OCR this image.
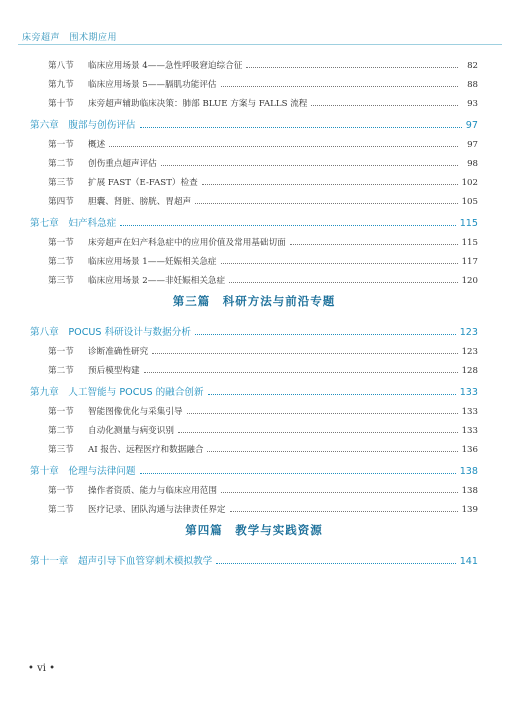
床旁超声　围术期应用
第八节	临床应用场景 4——急性呼吸窘迫综合征	82
第九节	临床应用场景 5——膈肌功能评估	88
第十节	床旁超声辅助临床决策：肺部 BLUE 方案与 FALLS 流程	93
第六章　腹部与创伤评估	97
第一节	概述	97
第二节	创伤重点超声评估	98
第三节	扩展 FAST（E-FAST）检查	102
第四节	胆囊、肾脏、膀胱、胃超声	105
第七章　妇产科急症	115
第一节	床旁超声在妇产科急症中的应用价值及常用基础切面	115
第二节	临床应用场景 1——妊娠相关急症	117
第三节	临床应用场景 2——非妊娠相关急症	120
第三篇　科研方法与前沿专题
第八章　POCUS 科研设计与数据分析	123
第一节	诊断准确性研究	123
第二节	预后模型构建	128
第九章　人工智能与 POCUS 的融合创新	133
第一节	智能图像优化与采集引导	133
第二节	自动化测量与病变识别	133
第三节	AI 报告、远程医疗和数据融合	136
第十章　伦理与法律问题	138
第一节	操作者资质、能力与临床应用范围	138
第二节	医疗记录、团队沟通与法律责任界定	139
第四篇　教学与实践资源
第十一章　超声引导下血管穿刺术模拟教学	141
• vi •
